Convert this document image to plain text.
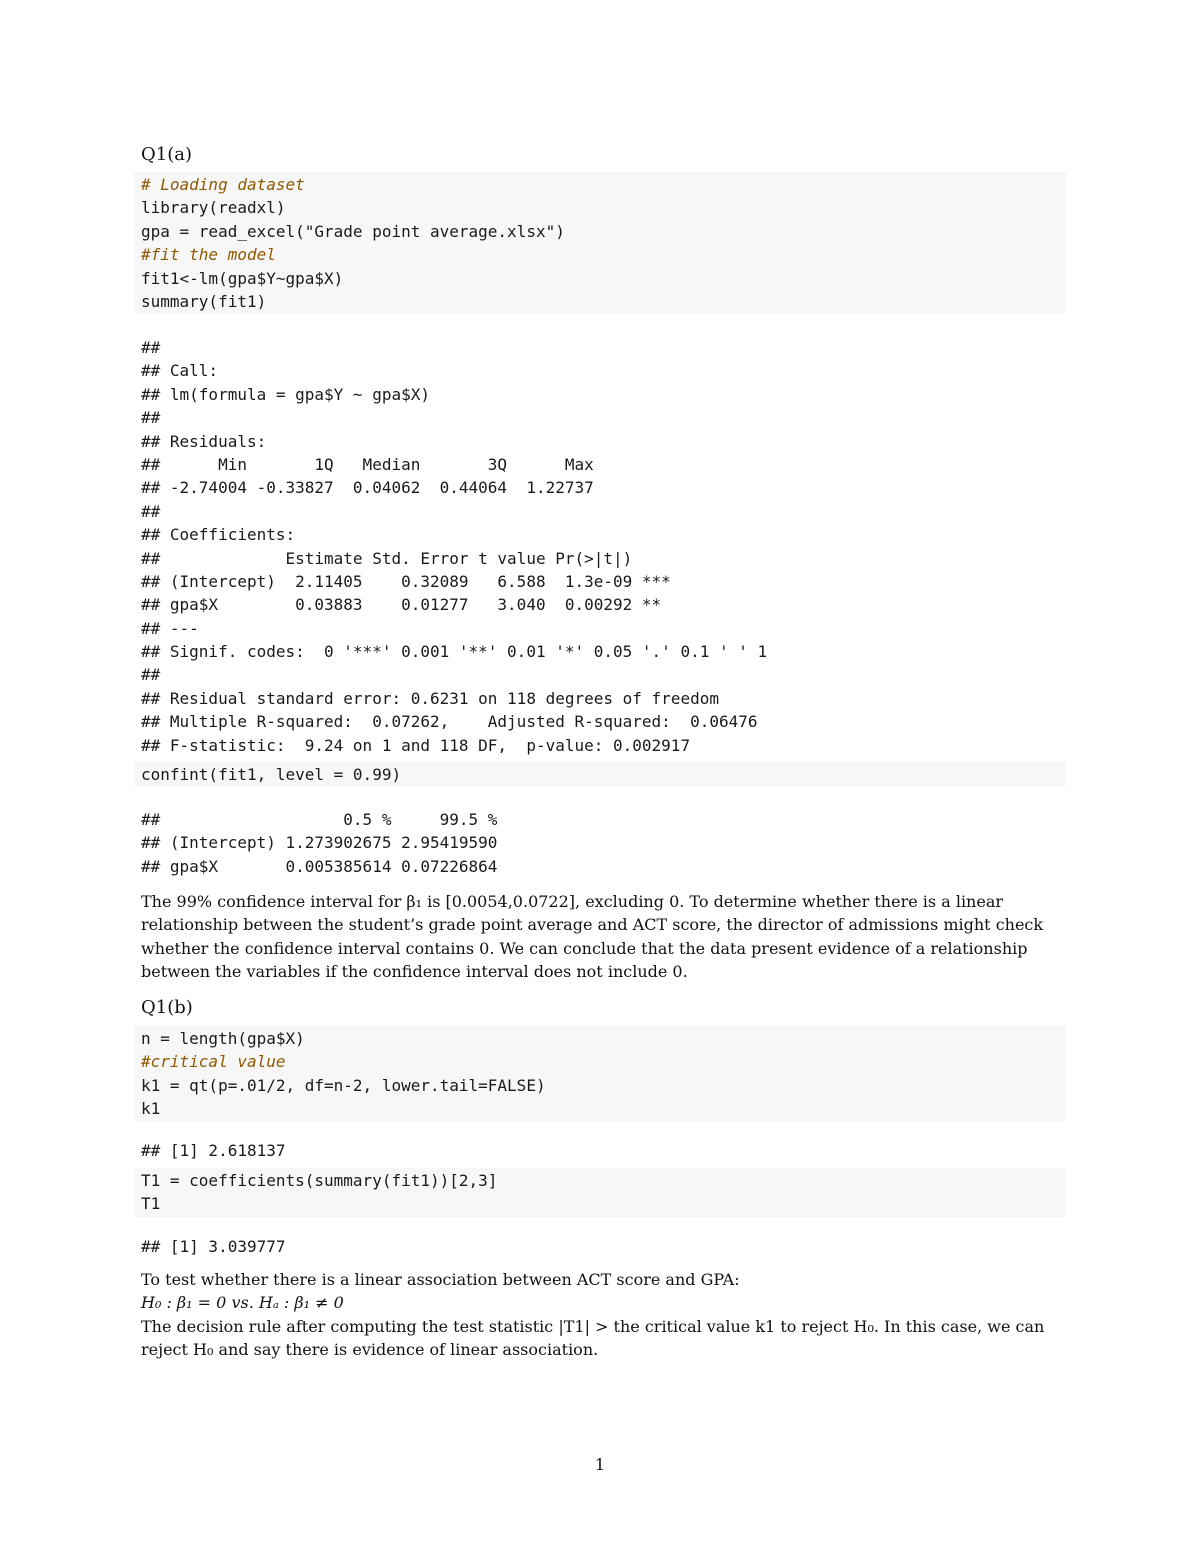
Q1(a)
# Loading dataset
library(readxl)
gpa = read_excel("Grade point average.xlsx")
#fit the model
fit1<-lm(gpa$Y~gpa$X)
summary(fit1)
##
## Call:
## lm(formula = gpa$Y ~ gpa$X)
##
## Residuals:
##      Min       1Q   Median       3Q      Max
## -2.74004 -0.33827  0.04062  0.44064  1.22737
##
## Coefficients:
##             Estimate Std. Error t value Pr(>|t|)
## (Intercept)  2.11405    0.32089   6.588  1.3e-09 ***
## gpa$X        0.03883    0.01277   3.040  0.00292 **
## ---
## Signif. codes:  0 '***' 0.001 '**' 0.01 '*' 0.05 '.' 0.1 ' ' 1
##
## Residual standard error: 0.6231 on 118 degrees of freedom
## Multiple R-squared:  0.07262,    Adjusted R-squared:  0.06476
## F-statistic:  9.24 on 1 and 118 DF,  p-value: 0.002917
confint(fit1, level = 0.99)
##                   0.5 %     99.5 %
## (Intercept) 1.273902675 2.95419590
## gpa$X       0.005385614 0.07226864

The 99% confidence interval for β₁ is [0.0054,0.0722], excluding 0. To determine whether there is a linear relationship between the student’s grade point average and ACT score, the director of admissions might check whether the confidence interval contains 0. We can conclude that the data present evidence of a relationship between the variables if the confidence interval does not include 0.

Q1(b)
n = length(gpa$X)
#critical value
k1 = qt(p=.01/2, df=n-2, lower.tail=FALSE)
k1
## [1] 2.618137
T1 = coefficients(summary(fit1))[2,3]
T1
## [1] 3.039777

To test whether there is a linear association between ACT score and GPA:

H₀ : β₁ = 0 vs. Hₐ : β₁ ≠ 0

The decision rule after computing the test statistic |T1| > the critical value k1 to reject H₀. In this case, we can reject H₀ and say there is evidence of linear association.

1
